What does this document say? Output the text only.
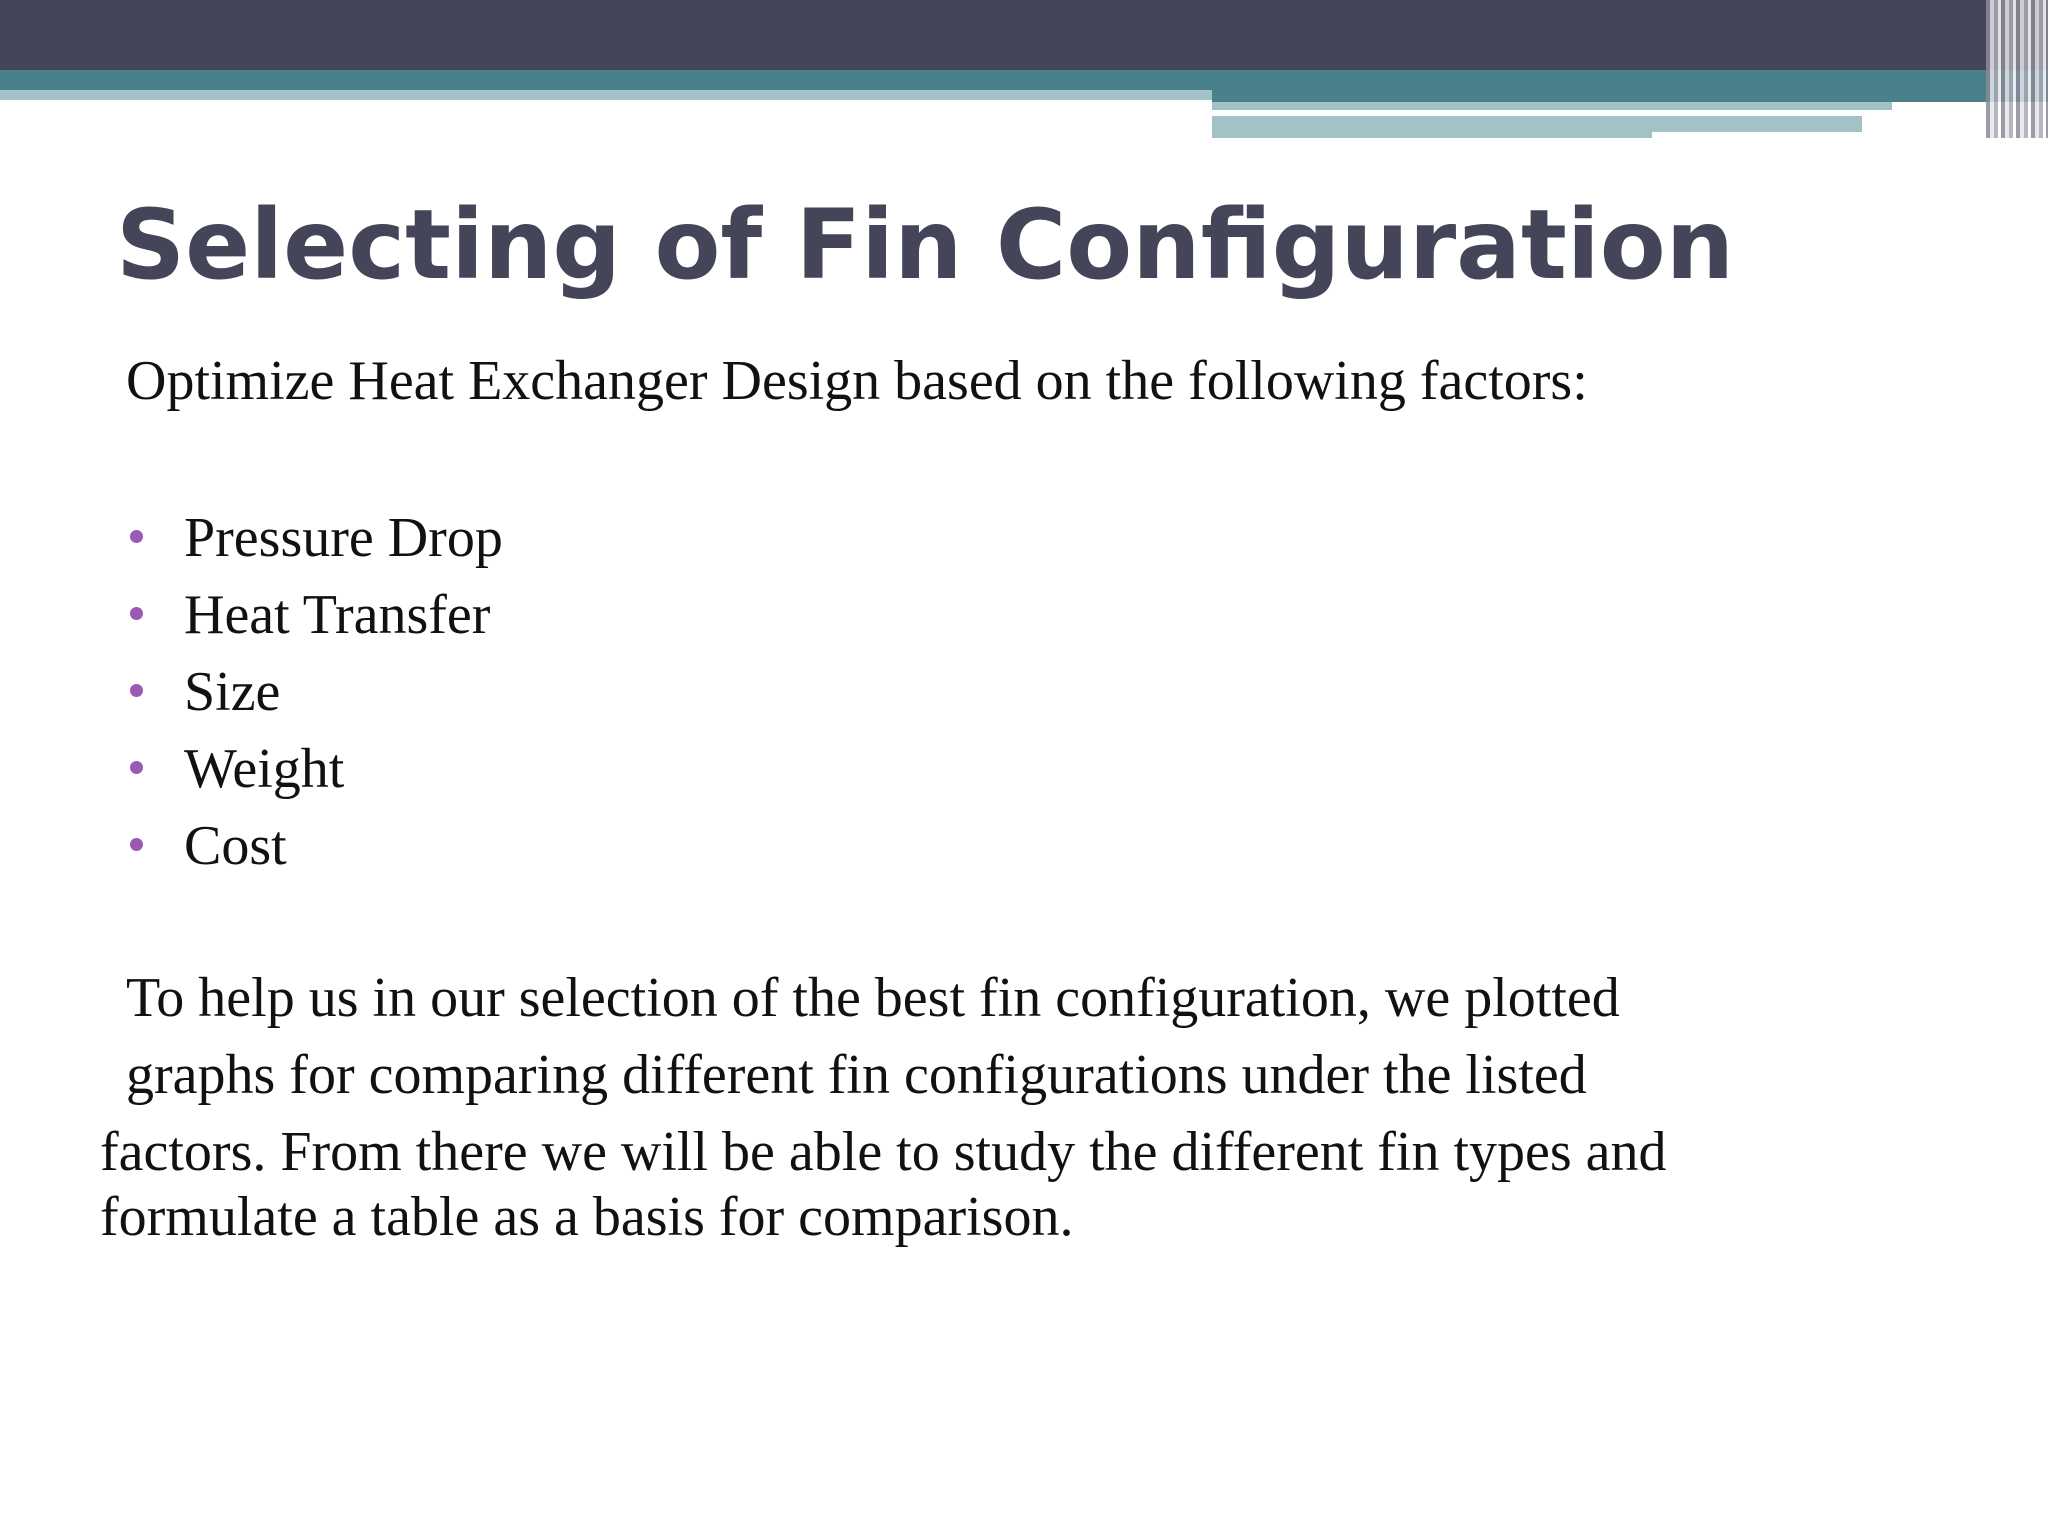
Selecting of Fin Configuration

Optimize Heat Exchanger Design based on the following factors:

Pressure Drop
Heat Transfer
Size
Weight
Cost
To help us in our selection of the best fin configuration, we plotted
graphs for comparing different fin configurations under the listed
factors. From there we will be able to study the different fin types and
formulate a table as a basis for comparison.
